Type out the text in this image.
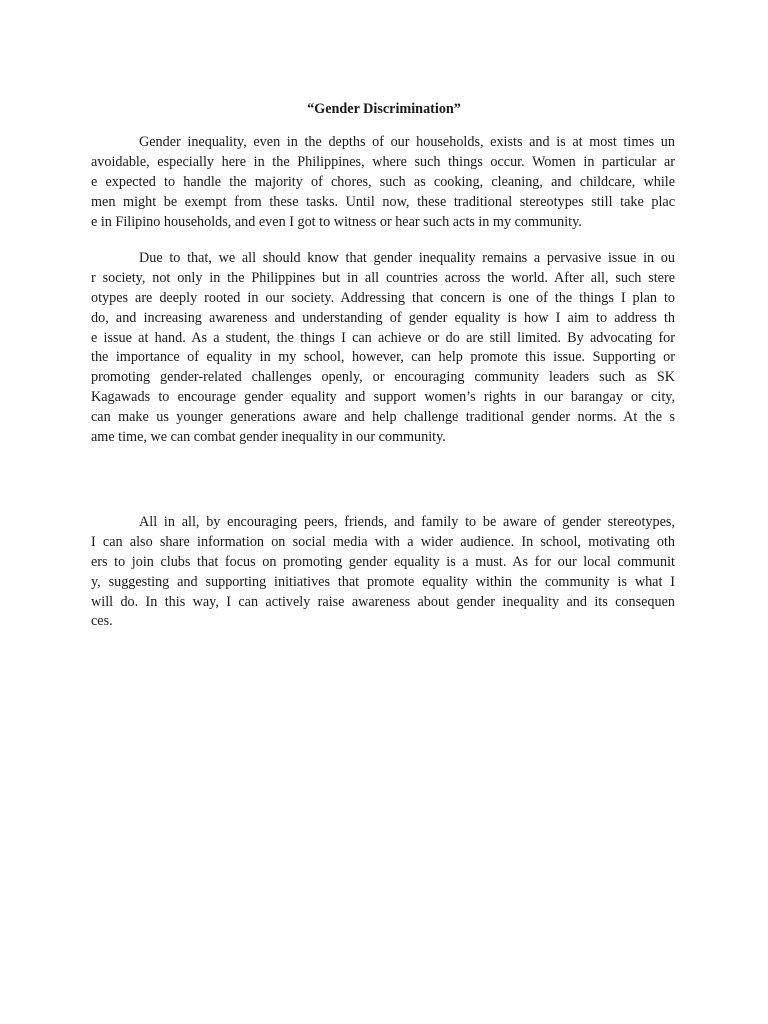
“Gender Discrimination”

Gender inequality, even in the depths of our households, exists and is at most times un
avoidable, especially here in the Philippines, where such things occur. Women in particular ar
e expected to handle the majority of chores, such as cooking, cleaning, and childcare, while
men might be exempt from these tasks. Until now, these traditional stereotypes still take plac
e in Filipino households, and even I got to witness or hear such acts in my community.

Due to that, we all should know that gender inequality remains a pervasive issue in ou
r society, not only in the Philippines but in all countries across the world. After all, such stere
otypes are deeply rooted in our society. Addressing that concern is one of the things I plan to
do, and increasing awareness and understanding of gender equality is how I aim to address th
e issue at hand. As a student, the things I can achieve or do are still limited. By advocating for
the importance of equality in my school, however, can help promote this issue. Supporting or
promoting gender-related challenges openly, or encouraging community leaders such as SK
Kagawads to encourage gender equality and support women’s rights in our barangay or city,
can make us younger generations aware and help challenge traditional gender norms. At the s
ame time, we can combat gender inequality in our community.

All in all, by encouraging peers, friends, and family to be aware of gender stereotypes,
I can also share information on social media with a wider audience. In school, motivating oth
ers to join clubs that focus on promoting gender equality is a must. As for our local communit
y, suggesting and supporting initiatives that promote equality within the community is what I
will do. In this way, I can actively raise awareness about gender inequality and its consequen
ces.
